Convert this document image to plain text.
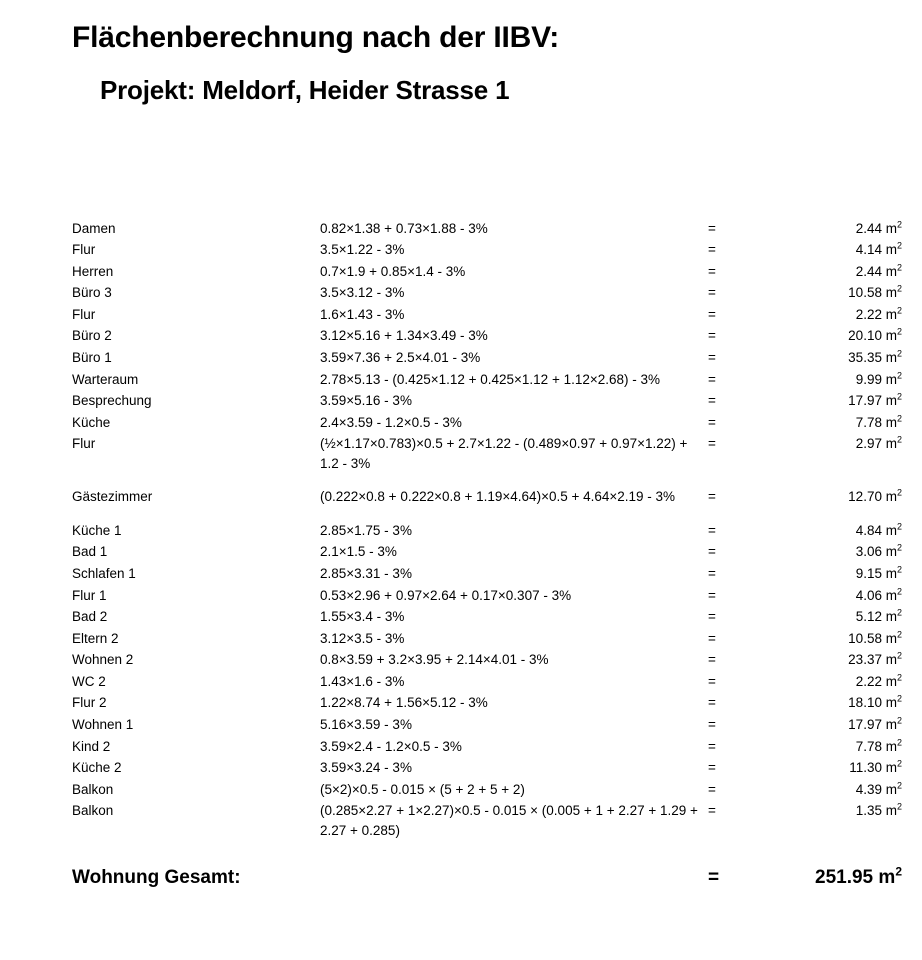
Flächenberechnung nach der IIBV:
Projekt: Meldorf, Heider Strasse 1
Damen	0.82×1.38 + 0.73×1.88 - 3%	=	2.44 $m^2$
Flur	3.5×1.22 - 3%	=	4.14 $m^2$
Herren	0.7×1.9 + 0.85×1.4 - 3%	=	2.44 $m^2$
Büro 3	3.5×3.12 - 3%	=	10.58 $m^2$
Flur	1.6×1.43 - 3%	=	2.22 $m^2$
Büro 2	3.12×5.16 + 1.34×3.49 - 3%	=	20.10 $m^2$
Büro 1	3.59×7.36 + 2.5×4.01 - 3%	=	35.35 $m^2$
Warteraum	2.78×5.13 - (0.425×1.12 + 0.425×1.12 + 1.12×2.68) - 3%	=	9.99 $m^2$
Besprechung	3.59×5.16 - 3%	=	17.97 $m^2$
Küche	2.4×3.59 - 1.2×0.5 - 3%	=	7.78 $m^2$
Flur	(½×1.17×0.783)×0.5 + 2.7×1.22 - (0.489×0.97 + 0.97×1.22) + 1.2 - 3%	=	2.97 $m^2$

Gästezimmer	(0.222×0.8 + 0.222×0.8 + 1.19×4.64)×0.5 + 4.64×2.19 - 3%	=	12.70 $m^2$

Küche 1	2.85×1.75 - 3%	=	4.84 $m^2$
Bad 1	2.1×1.5 - 3%	=	3.06 $m^2$
Schlafen 1	2.85×3.31 - 3%	=	9.15 $m^2$
Flur 1	0.53×2.96 + 0.97×2.64 + 0.17×0.307 - 3%	=	4.06 $m^2$
Bad 2	1.55×3.4 - 3%	=	5.12 $m^2$
Eltern 2	3.12×3.5 - 3%	=	10.58 $m^2$
Wohnen 2	0.8×3.59 + 3.2×3.95 + 2.14×4.01 - 3%	=	23.37 $m^2$
WC 2	1.43×1.6 - 3%	=	2.22 $m^2$
Flur 2	1.22×8.74 + 1.56×5.12 - 3%	=	18.10 $m^2$
Wohnen 1	5.16×3.59 - 3%	=	17.97 $m^2$
Kind 2	3.59×2.4 - 1.2×0.5 - 3%	=	7.78 $m^2$
Küche 2	3.59×3.24 - 3%	=	11.30 $m^2$
Balkon	(5×2)×0.5 - 0.015 × (5 + 2 + 5 + 2)	=	4.39 $m^2$
Balkon	(0.285×2.27 + 1×2.27)×0.5 - 0.015 × (0.005 + 1 + 2.27 + 1.29 + 2.27 + 0.285)	=	1.35 $m^2$
Wohnung Gesamt:	=	251.95 $m^2$
